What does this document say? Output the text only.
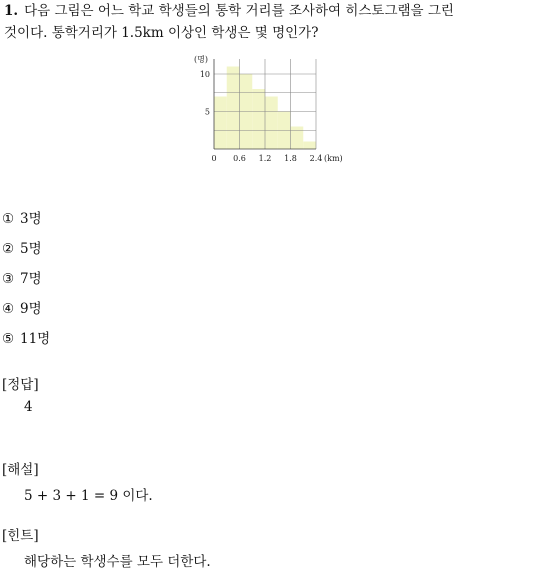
1. 다음 그림은 어느 학교 학생들의 통학 거리를 조사하여 히스토그램을 그린
것이다. 통학거리가 1.5km 이상인 학생은 몇 명인가?
(명)
5
10
0 0.6 1.2 1.8 2.4 (km)
① 3명
② 5명
③ 7명
④ 9명
⑤ 11명
[정답]
4
[해설]
5 + 3 + 1 = 9 이다.
[힌트]
해당하는 학생수를 모두 더한다.
